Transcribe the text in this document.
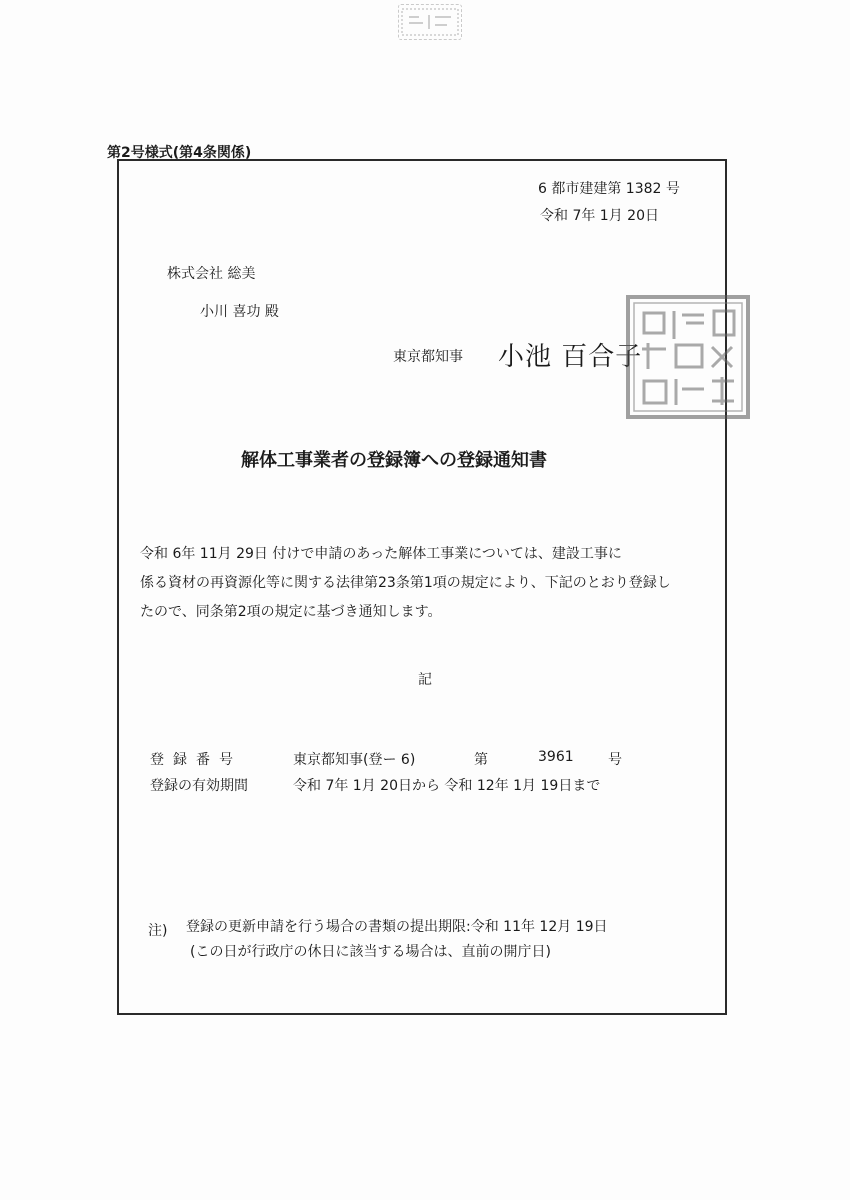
第2号様式(第4条関係)
6 都市建建第 1382 号
令和 7年 1月 20日
株式会社 総美
小川 喜功 殿
東京都知事 小池 百合子
解体工事業者の登録簿への登録通知書
令和 6年 11月 29日 付けで申請のあった解体工事業については、建設工事に
係る資材の再資源化等に関する法律第23条第1項の規定により、下記のとおり登録し
たので、同条第2項の規定に基づき通知します。
記
登録番号	東京都知事(登ー 6)	第	3961 号
登録の有効期間	令和 7年 1月 20日から 令和 12年 1月 19日まで
注) 登録の更新申請を行う場合の書類の提出期限:令和 11年 12月 19日
(この日が行政庁の休日に該当する場合は、直前の開庁日)
